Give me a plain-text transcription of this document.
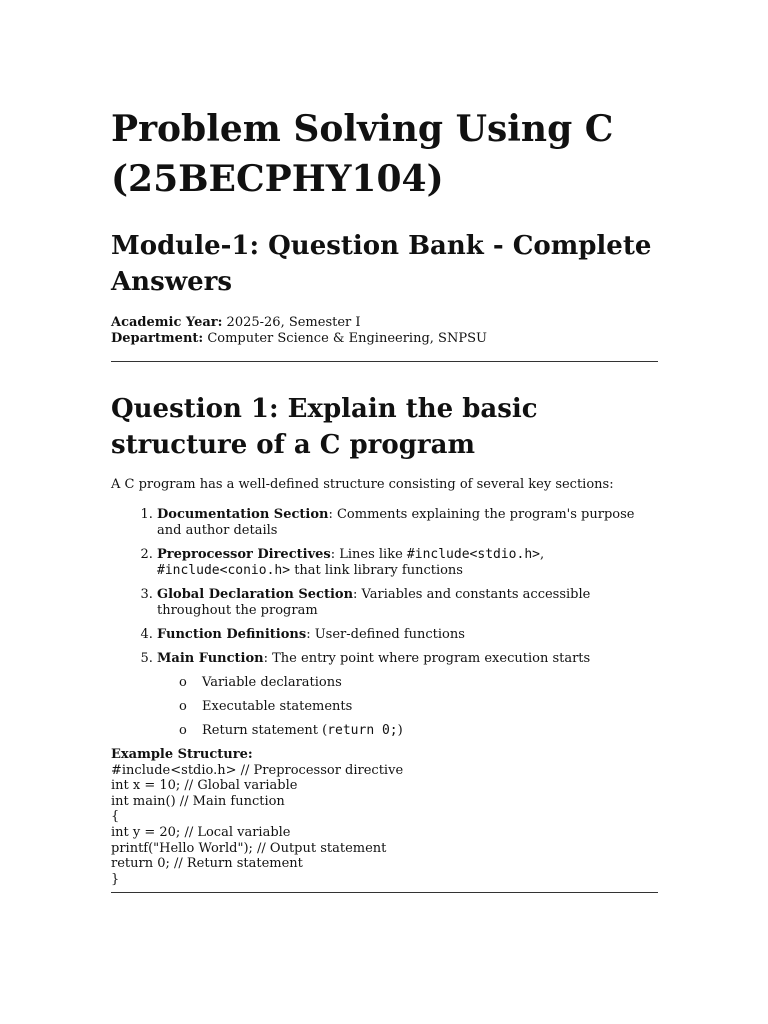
Problem Solving Using C (25BECPHY104)
Module-1: Question Bank - Complete Answers
Academic Year: 2025-26, Semester I
Department: Computer Science & Engineering, SNPSU
Question 1: Explain the basic structure of a C program

A C program has a well-defined structure consisting of several key sections:

1. Documentation Section: Comments explaining the program's purpose and author details
2. Preprocessor Directives: Lines like #include<stdio.h>, #include<conio.h> that link library functions
3. Global Declaration Section: Variables and constants accessible throughout the program
4. Function Definitions: User-defined functions
5. Main Function: The entry point where program execution starts
o Variable declarations
o Executable statements
o Return statement (return 0;)
Example Structure:
#include<stdio.h> // Preprocessor directive
int x = 10; // Global variable
int main() // Main function
{
int y = 20; // Local variable
printf("Hello World"); // Output statement
return 0; // Return statement
}
